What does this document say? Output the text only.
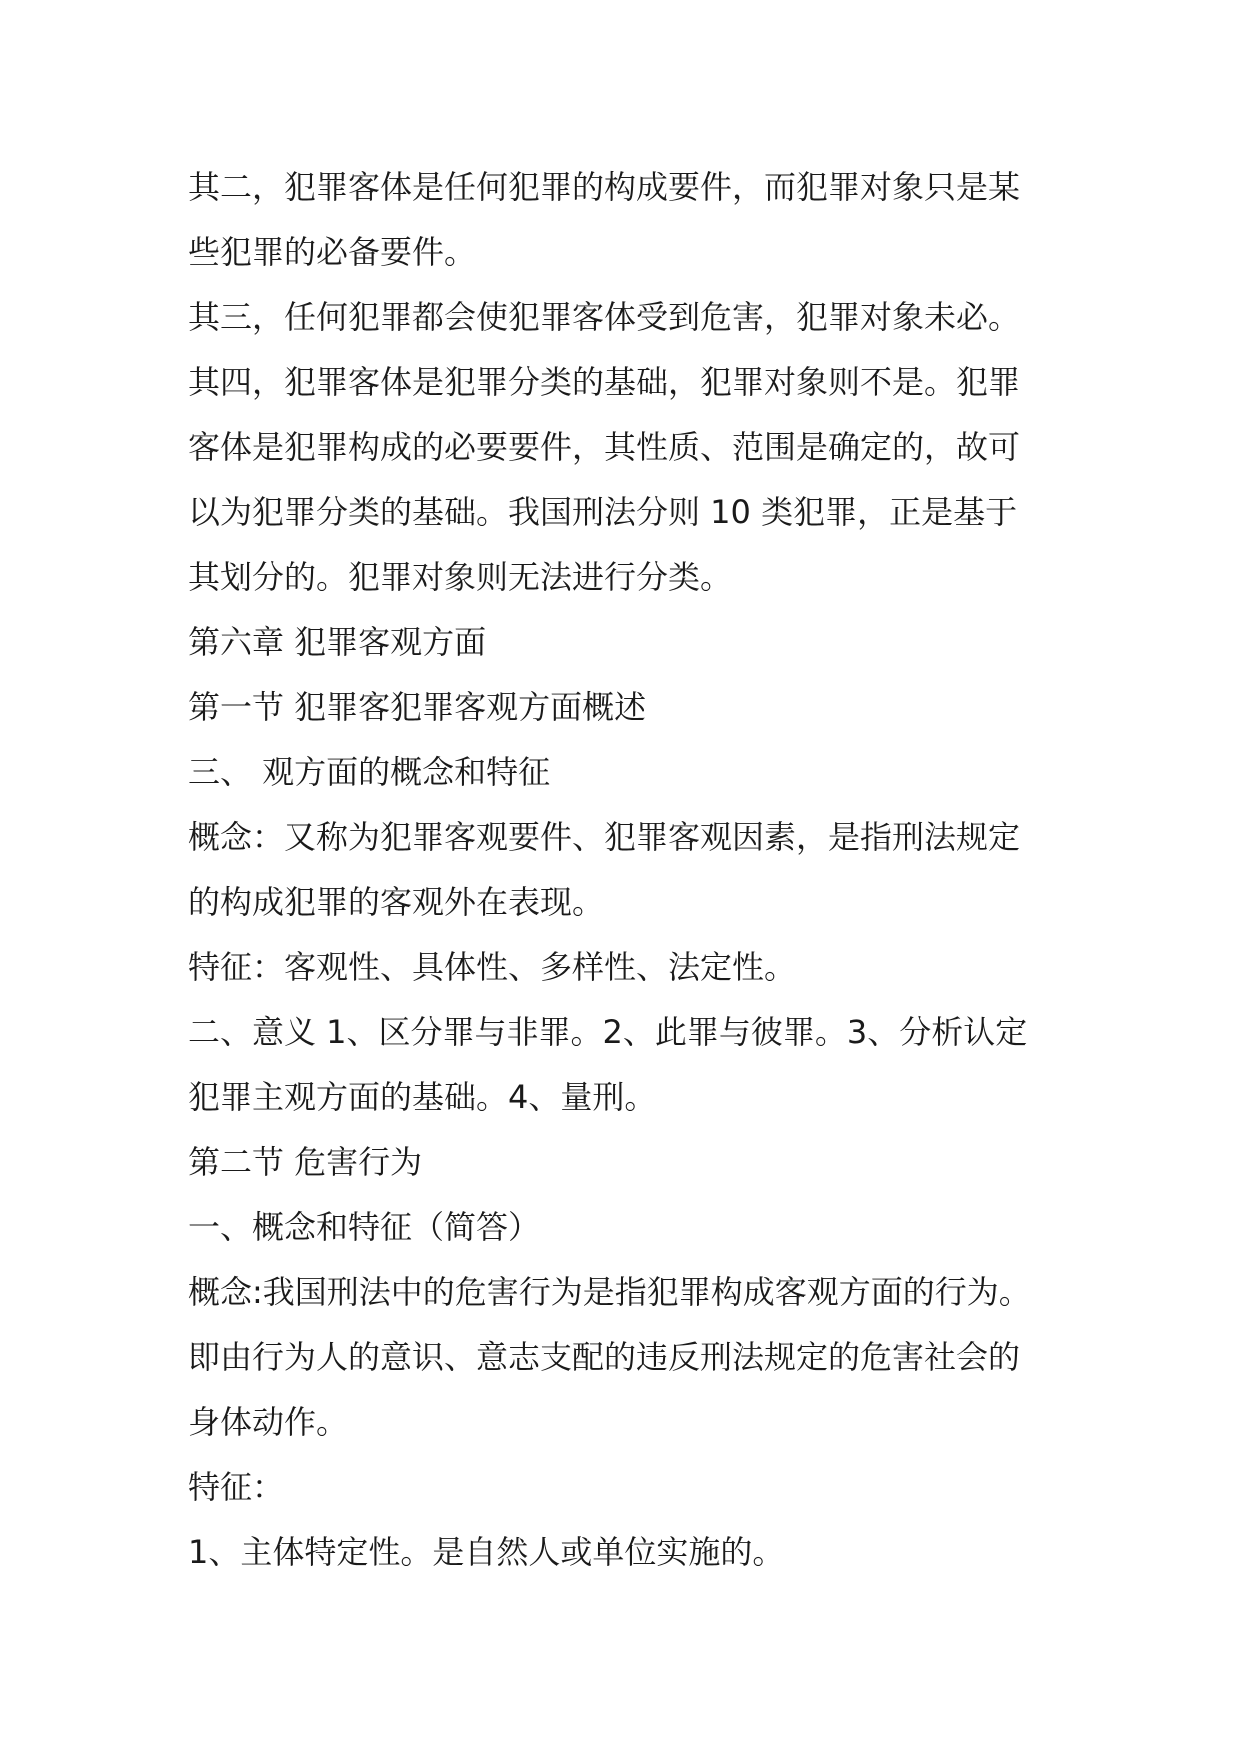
其二，犯罪客体是任何犯罪的构成要件，而犯罪对象只是某

些犯罪的必备要件。

其三，任何犯罪都会使犯罪客体受到危害，犯罪对象未必。

其四，犯罪客体是犯罪分类的基础，犯罪对象则不是。犯罪

客体是犯罪构成的必要要件，其性质、范围是确定的，故可

以为犯罪分类的基础。我国刑法分则 10 类犯罪，正是基于

其划分的。犯罪对象则无法进行分类。

第六章 犯罪客观方面

第一节 犯罪客犯罪客观方面概述

三、 观方面的概念和特征

概念：又称为犯罪客观要件、犯罪客观因素，是指刑法规定

的构成犯罪的客观外在表现。

特征：客观性、具体性、多样性、法定性。

二、意义 1、区分罪与非罪。2、此罪与彼罪。3、分析认定

犯罪主观方面的基础。4、量刑。

第二节 危害行为

一、概念和特征（简答）

概念:我国刑法中的危害行为是指犯罪构成客观方面的行为。

即由行为人的意识、意志支配的违反刑法规定的危害社会的

身体动作。

特征：

1、主体特定性。是自然人或单位实施的。
